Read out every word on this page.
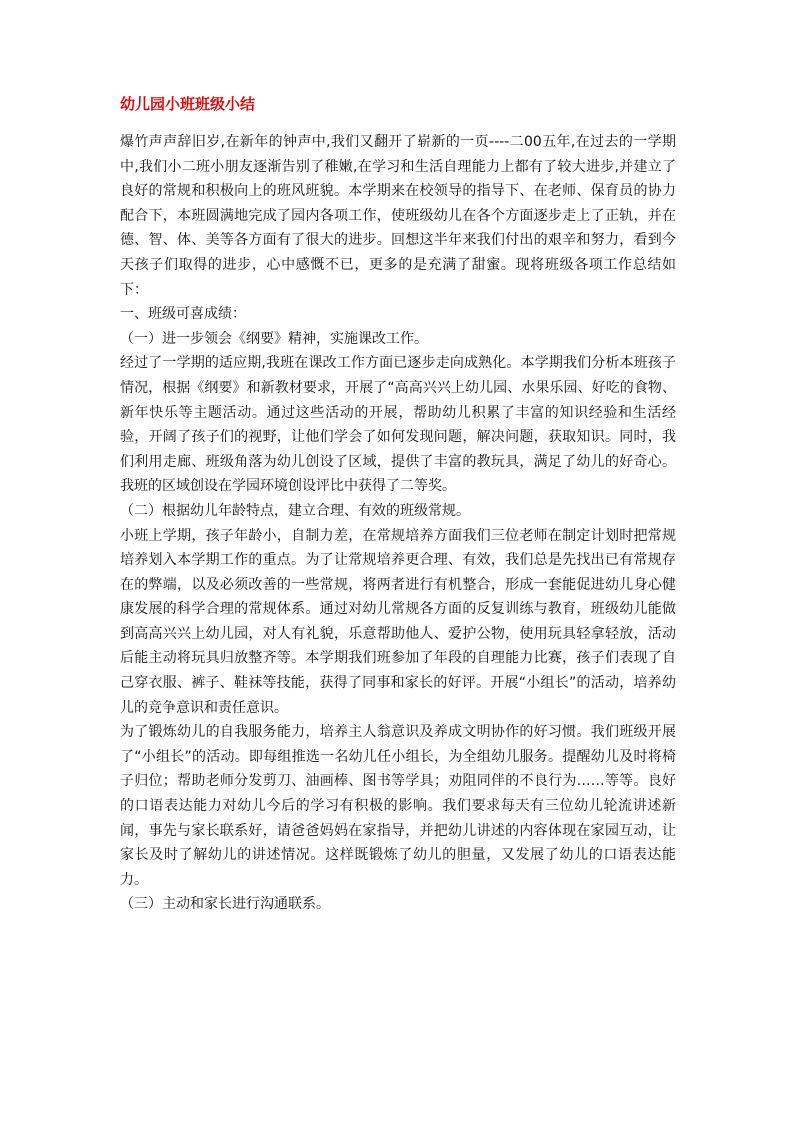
幼儿园小班班级小结

爆竹声声辞旧岁,在新年的钟声中,我们又翻开了崭新的一页----二00五年,在过去的一学期中,我们小二班小朋友逐渐告别了稚嫩,在学习和生活自理能力上都有了较大进步,并建立了良好的常规和积极向上的班风班貌。本学期来在校领导的指导下、在老师、保育员的协力配合下，本班圆满地完成了园内各项工作，使班级幼儿在各个方面逐步走上了正轨，并在德、智、体、美等各方面有了很大的进步。回想这半年来我们付出的艰辛和努力，看到今天孩子们取得的进步，心中感慨不已，更多的是充满了甜蜜。现将班级各项工作总结如下：

一、班级可喜成绩：

（一）进一步领会《纲要》精神，实施课改工作。

经过了一学期的适应期,我班在课改工作方面已逐步走向成熟化。本学期我们分析本班孩子情况，根据《纲要》和新教材要求，开展了“高高兴兴上幼儿园、水果乐园、好吃的食物、新年快乐等主题活动。通过这些活动的开展，帮助幼儿积累了丰富的知识经验和生活经验，开阔了孩子们的视野，让他们学会了如何发现问题，解决问题，获取知识。同时，我们利用走廊、班级角落为幼儿创设了区域，提供了丰富的教玩具，满足了幼儿的好奇心。我班的区域创设在学园环境创设评比中获得了二等奖。

（二）根据幼儿年龄特点，建立合理、有效的班级常规。

小班上学期，孩子年龄小，自制力差，在常规培养方面我们三位老师在制定计划时把常规培养划入本学期工作的重点。为了让常规培养更合理、有效，我们总是先找出已有常规存在的弊端，以及必须改善的一些常规，将两者进行有机整合，形成一套能促进幼儿身心健康发展的科学合理的常规体系。通过对幼儿常规各方面的反复训练与教育，班级幼儿能做到高高兴兴上幼儿园，对人有礼貌，乐意帮助他人、爱护公物，使用玩具轻拿轻放，活动后能主动将玩具归放整齐等。本学期我们班参加了年段的自理能力比赛，孩子们表现了自己穿衣服、裤子、鞋袜等技能，获得了同事和家长的好评。开展“小组长”的活动，培养幼儿的竞争意识和责任意识。

为了锻炼幼儿的自我服务能力，培养主人翁意识及养成文明协作的好习惯。我们班级开展了“小组长”的活动。即每组推选一名幼儿任小组长，为全组幼儿服务。提醒幼儿及时将椅子归位；帮助老师分发剪刀、油画棒、图书等学具；劝阻同伴的不良行为……等等。良好的口语表达能力对幼儿今后的学习有积极的影响。我们要求每天有三位幼儿轮流讲述新闻，事先与家长联系好，请爸爸妈妈在家指导，并把幼儿讲述的内容体现在家园互动，让家长及时了解幼儿的讲述情况。这样既锻炼了幼儿的胆量，又发展了幼儿的口语表达能力。

（三）主动和家长进行沟通联系。
